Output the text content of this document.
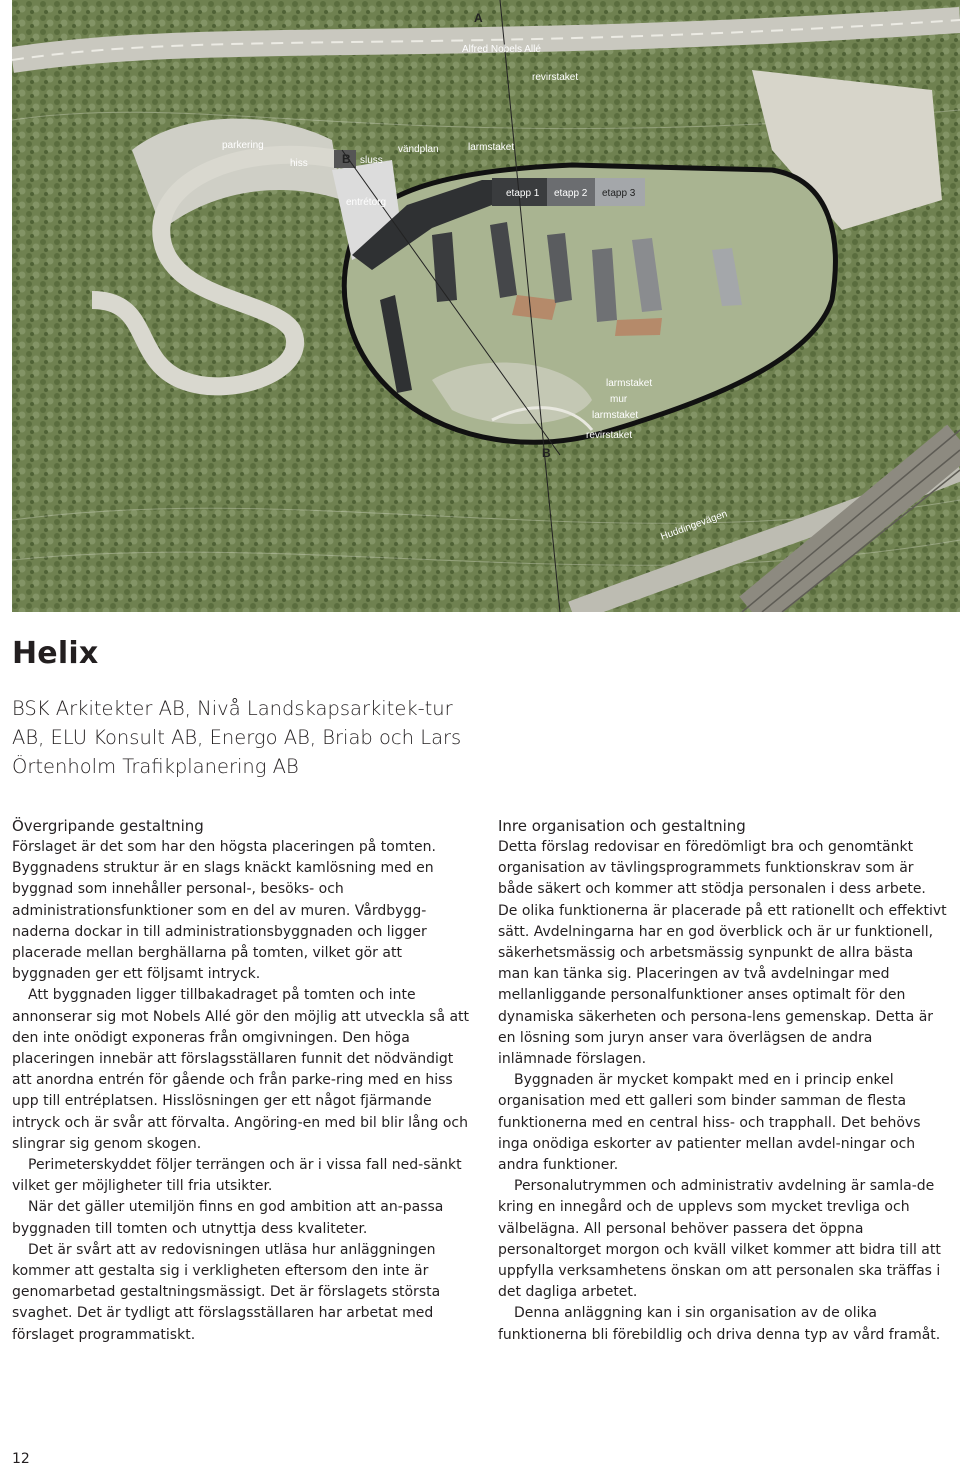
A
B
B
Alfred Nobels Allé
revirstaket
parkering
hiss	sluss
vändplan	larmstaket
entrétorg
etapp 1 etapp 2 etapp 3
larmstaket
mur
larmstaket
revirstaket
Huddingevägen
Helix

BSK Arkitekter AB, Nivå Landskapsarkitek-tur AB, ELU Konsult AB, Energo AB, Briab och Lars Örtenholm Trafikplanering AB

Övergripande gestaltning

Förslaget är det som har den högsta placeringen på tomten. Byggnadens struktur är en slags knäckt kamlösning med en byggnad som innehåller personal-, besöks- och administrationsfunktioner som en del av muren. Vårdbygg-naderna dockar in till administrationsbyggnaden och ligger placerade mellan berghällarna på tomten, vilket gör att byggnaden ger ett följsamt intryck.

Att byggnaden ligger tillbakadraget på tomten och inte annonserar sig mot Nobels Allé gör den möjlig att utveckla så att den inte onödigt exponeras från omgivningen. Den höga placeringen innebär att förslagsställaren funnit det nödvändigt att anordna entrén för gående och från parke-ring med en hiss upp till entréplatsen. Hisslösningen ger ett något fjärmande intryck och är svår att förvalta. Angöring-en med bil blir lång och slingrar sig genom skogen.

Perimeterskyddet följer terrängen och är i vissa fall ned-sänkt vilket ger möjligheter till fria utsikter.

När det gäller utemiljön finns en god ambition att an-passa byggnaden till tomten och utnyttja dess kvaliteter.

Det är svårt att av redovisningen utläsa hur anläggningen kommer att gestalta sig i verkligheten eftersom den inte är genomarbetad gestaltningsmässigt. Det är förslagets största svaghet. Det är tydligt att förslagsställaren har arbetat med förslaget programmatiskt.

Inre organisation och gestaltning

Detta förslag redovisar en föredömligt bra och genomtänkt organisation av tävlingsprogrammets funktionskrav som är både säkert och kommer att stödja personalen i dess arbete. De olika funktionerna är placerade på ett rationellt och effektivt sätt. Avdelningarna har en god överblick och är ur funktionell, säkerhetsmässig och arbetsmässig synpunkt de allra bästa man kan tänka sig. Placeringen av två avdelningar med mellanliggande personalfunktioner anses optimalt för den dynamiska säkerheten och persona-lens gemenskap. Detta är en lösning som juryn anser vara överlägsen de andra inlämnade förslagen.

Byggnaden är mycket kompakt med en i princip enkel organisation med ett galleri som binder samman de flesta funktionerna med en central hiss- och trapphall. Det behövs inga onödiga eskorter av patienter mellan avdel-ningar och andra funktioner.

Personalutrymmen och administrativ avdelning är samla-de kring en innegård och de upplevs som mycket trevliga och välbelägna. All personal behöver passera det öppna personaltorget morgon och kväll vilket kommer att bidra till att uppfylla verksamhetens önskan om att personalen ska träffas i det dagliga arbetet.

Denna anläggning kan i sin organisation av de olika funktionerna bli förebildlig och driva denna typ av vård framåt.

12
